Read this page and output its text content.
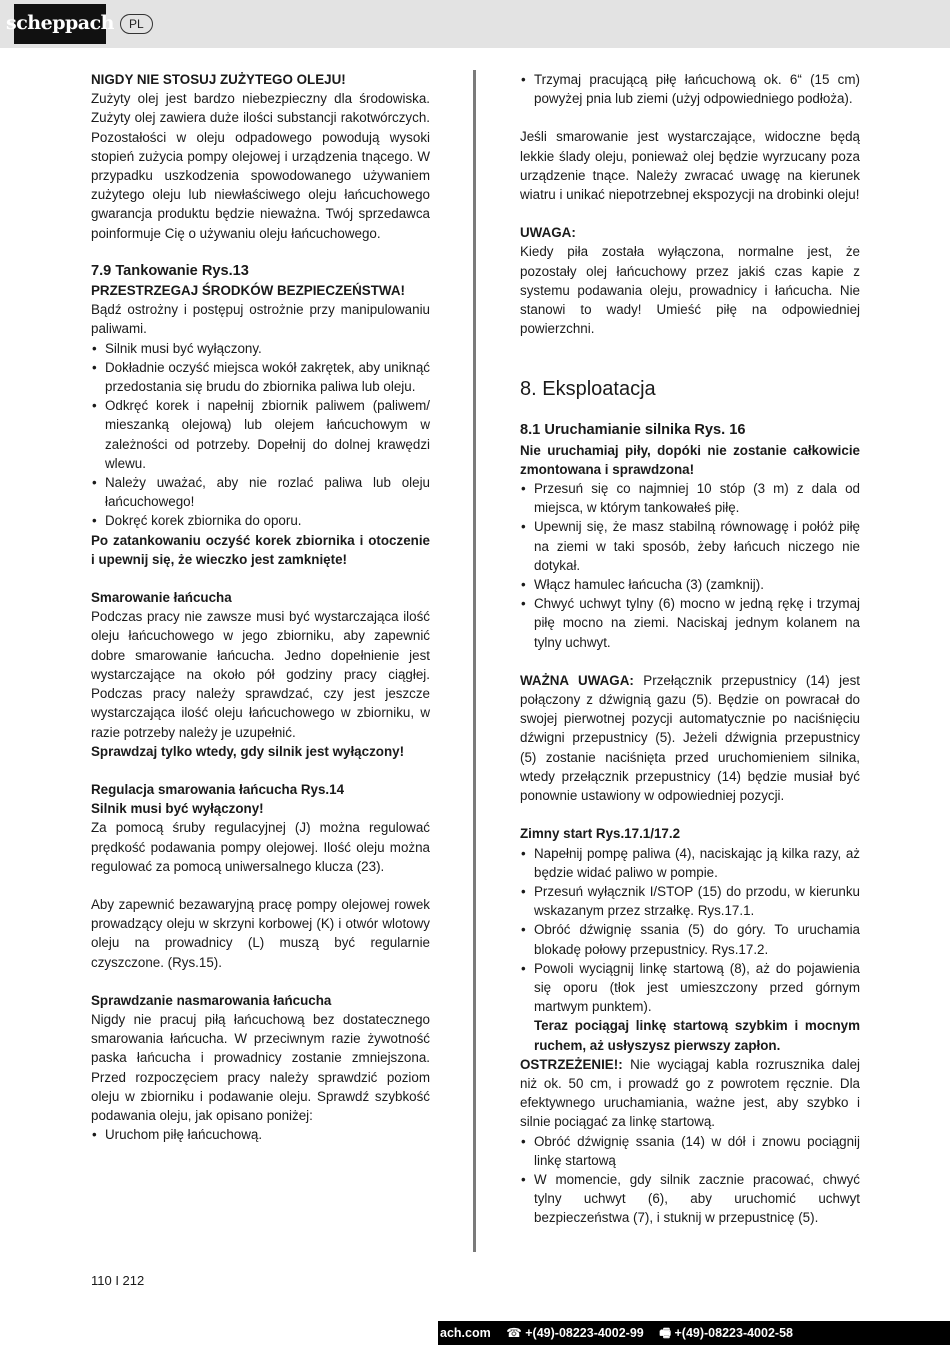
scheppach	PL

NIGDY NIE STOSUJ ZUŻYTEGO OLEJU!

Zużyty olej jest bardzo niebezpieczny dla środowiska. Zużyty olej zawiera duże ilości substancji rakotwórczych. Pozostałości w oleju odpadowego powodują wysoki stopień zużycia pompy olejowej i urządzenia tnącego. W przypadku uszkodzenia spowodowanego używaniem zużytego oleju lub niewłaściwego oleju łańcuchowego gwarancja produktu będzie nieważna. Twój sprzedawca poinformuje Cię o używaniu oleju łańcuchowego.

7.9 Tankowanie Rys.13

PRZESTRZEGAJ ŚRODKÓW BEZPIECZEŃSTWA!

Bądź ostrożny i postępuj ostrożnie przy manipulowaniu paliwami.

• Silnik musi być wyłączony.
• Dokładnie oczyść miejsca wokół zakrętek, aby uniknąć przedostania się brudu do zbiornika paliwa lub oleju.
• Odkręć korek i napełnij zbiornik paliwem (paliwem/ mieszanką olejową) lub olejem łańcuchowym w zależności od potrzeby. Dopełnij do dolnej krawędzi wlewu.
• Należy uważać, aby nie rozlać paliwa lub oleju łańcuchowego!
• Dokręć korek zbiornika do oporu.

Po zatankowaniu oczyść korek zbiornika i otoczenie i upewnij się, że wieczko jest zamknięte!

Smarowanie łańcucha

Podczas pracy nie zawsze musi być wystarczająca ilość oleju łańcuchowego w jego zbiorniku, aby zapewnić dobre smarowanie łańcucha. Jedno dopełnienie jest wystarczające na około pół godziny pracy ciągłej. Podczas pracy należy sprawdzać, czy jest jeszcze wystarczająca ilość oleju łańcuchowego w zbiorniku, w razie potrzeby należy je uzupełnić.

Sprawdzaj tylko wtedy, gdy silnik jest wyłączony!

Regulacja smarowania łańcucha Rys.14

Silnik musi być wyłączony!

Za pomocą śruby regulacyjnej (J) można regulować prędkość podawania pompy olejowej. Ilość oleju można regulować za pomocą uniwersalnego klucza (23).

Aby zapewnić bezawaryjną pracę pompy olejowej rowek prowadzący oleju w skrzyni korbowej (K) i otwór wlotowy oleju na prowadnicy (L) muszą być regularnie czyszczone. (Rys.15).

Sprawdzanie nasmarowania łańcucha

Nigdy nie pracuj piłą łańcuchową bez dostatecznego smarowania łańcucha. W przeciwnym razie żywotność paska łańcucha i prowadnicy zostanie zmniejszona. Przed rozpoczęciem pracy należy sprawdzić poziom oleju w zbiorniku i podawanie oleju. Sprawdź szybkość podawania oleju, jak opisano poniżej:

• Uruchom piłę łańcuchową.
• Trzymaj pracującą piłę łańcuchową ok. 6“ (15 cm) powyżej pnia lub ziemi (użyj odpowiedniego podłoża).

Jeśli smarowanie jest wystarczające, widoczne będą lekkie ślady oleju, ponieważ olej będzie wyrzucany poza urządzenie tnące. Należy zwracać uwagę na kierunek wiatru i unikać niepotrzebnej ekspozycji na drobinki oleju!

UWAGA:

Kiedy piła została wyłączona, normalne jest, że pozostały olej łańcuchowy przez jakiś czas kapie z systemu podawania oleju, prowadnicy i łańcucha. Nie stanowi to wady! Umieść piłę na odpowiedniej powierzchni.

8. Eksploatacja

8.1 Uruchamianie silnika Rys. 16

Nie uruchamiaj piły, dopóki nie zostanie całkowicie zmontowana i sprawdzona!

• Przesuń się co najmniej 10 stóp (3 m) z dala od miejsca, w którym tankowałeś piłę.
• Upewnij się, że masz stabilną równowagę i połóż piłę na ziemi w taki sposób, żeby łańcuch niczego nie dotykał.
• Włącz hamulec łańcucha (3) (zamknij).
• Chwyć uchwyt tylny (6) mocno w jedną rękę i trzymaj piłę mocno na ziemi. Naciskaj jednym kolanem na tylny uchwyt.

WAŻNA UWAGA: Przełącznik przepustnicy (14) jest połączony z dźwignią gazu (5). Będzie on powracał do swojej pierwotnej pozycji automatycznie po naciśnięciu dźwigni przepustnicy (5). Jeżeli dźwignia przepustnicy (5) zostanie naciśnięta przed uruchomieniem silnika, wtedy przełącznik przepustnicy (14) będzie musiał być ponownie ustawiony w odpowiedniej pozycji.

Zimny start Rys.17.1/17.2

• Napełnij pompę paliwa (4), naciskając ją kilka razy, aż będzie widać paliwo w pompie.
• Przesuń wyłącznik I/STOP (15) do przodu, w kierunku wskazanym przez strzałkę. Rys.17.1.
• Obróć dźwignię ssania (5) do góry. To uruchamia blokadę połowy przepustnicy. Rys.17.2.
• Powoli wyciągnij linkę startową (8), aż do pojawienia się oporu (tłok jest umieszczony przed górnym martwym punktem).

Teraz pociągaj linkę startową szybkim i mocnym ruchem, aż usłyszysz pierwszy zapłon.

OSTRZEŻENIE!: Nie wyciągaj kabla rozrusznika dalej niż ok. 50 cm, i prowadź go z powrotem ręcznie. Dla efektywnego uruchamiania, ważne jest, aby szybko i silnie pociągać za linkę startową.

• Obróć dźwignię ssania (14) w dół i znowu pociągnij linkę startową
• W momencie, gdy silnik zacznie pracować, chwyć tylny uchwyt (6), aby uruchomić uchwyt bezpieczeństwa (7), i stuknij w przepustnicę (5).
110 I 212
ach.com ☎ +(49)-08223-4002-99 🖷 +(49)-08223-4002-58
